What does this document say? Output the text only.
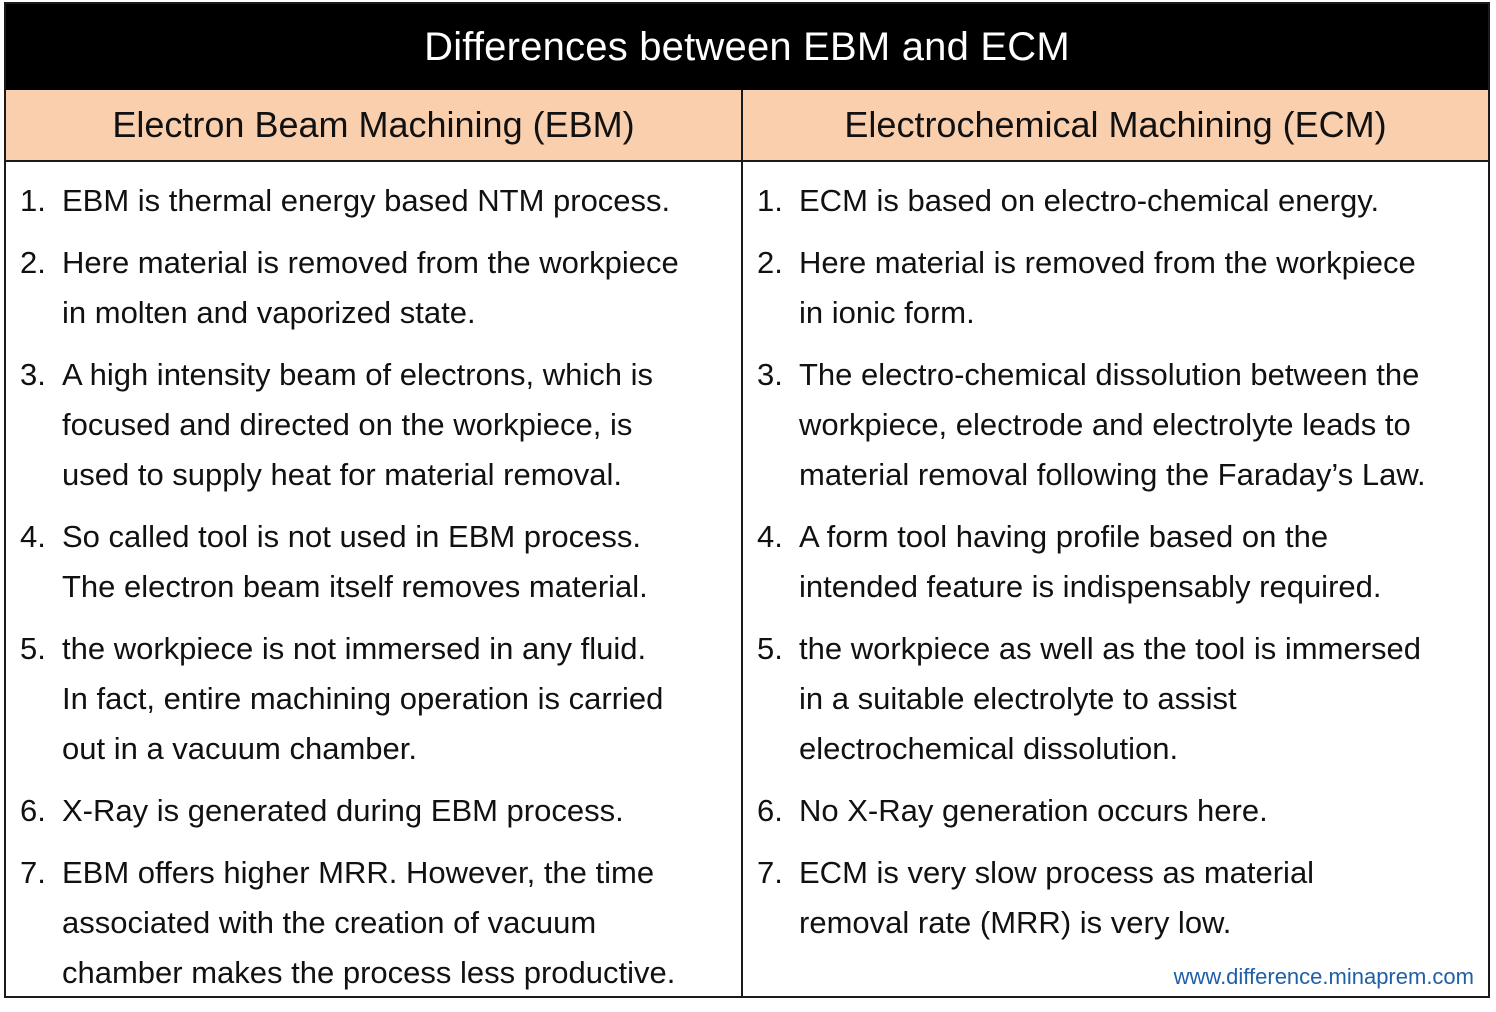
Differences between EBM and ECM
Electron Beam Machining (EBM)	Electrochemical Machining (ECM)
1. EBM is thermal energy based NTM process.
2. Here material is removed from the workpiece
in molten and vaporized state.
3. A high intensity beam of electrons, which is
focused and directed on the workpiece, is
used to supply heat for material removal.
4. So called tool is not used in EBM process.
The electron beam itself removes material.
5. the workpiece is not immersed in any fluid.
In fact, entire machining operation is carried
out in a vacuum chamber.
6. X-Ray is generated during EBM process.
7. EBM offers higher MRR. However, the time
associated with the creation of vacuum
chamber makes the process less productive.
1. ECM is based on electro-chemical energy.
2. Here material is removed from the workpiece
in ionic form.
3. The electro-chemical dissolution between the
workpiece, electrode and electrolyte leads to
material removal following the Faraday’s Law.
4. A form tool having profile based on the
intended feature is indispensably required.
5. the workpiece as well as the tool is immersed
in a suitable electrolyte to assist
electrochemical dissolution.
6. No X-Ray generation occurs here.
7. ECM is very slow process as material
removal rate (MRR) is very low.
www.difference.minaprem.com
